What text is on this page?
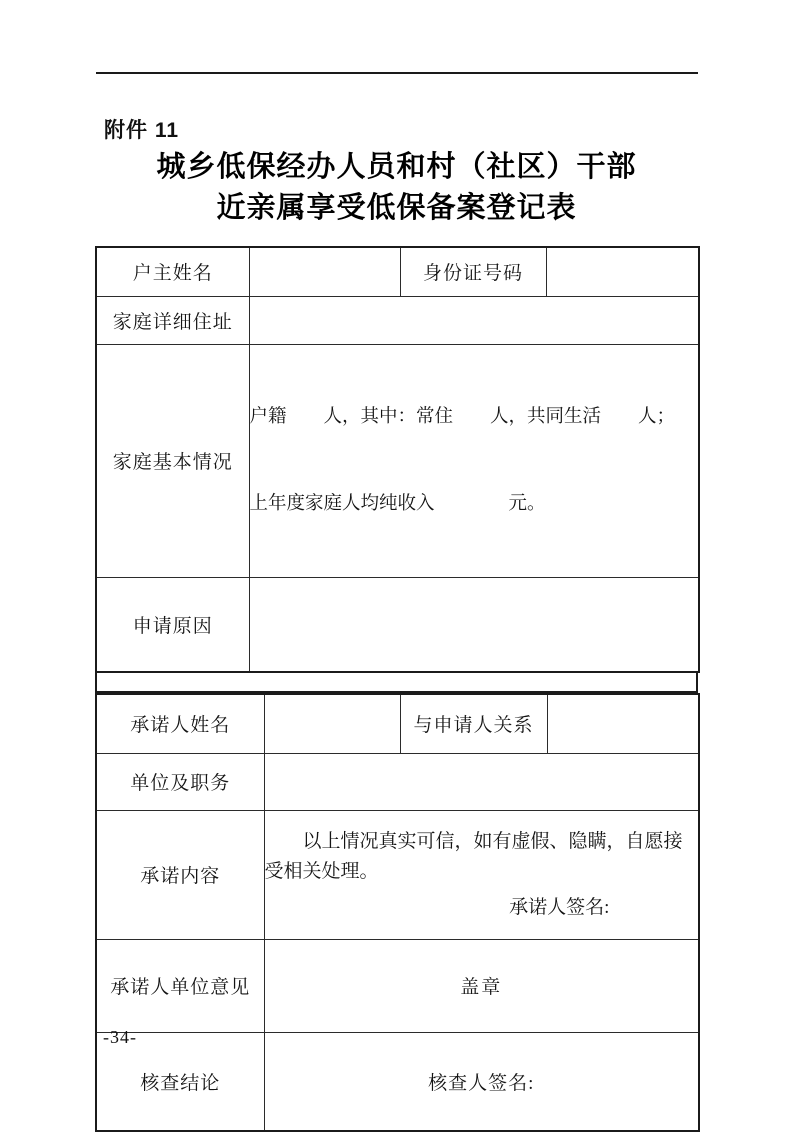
附件 11
城乡低保经办人员和村（社区）干部
近亲属享受低保备案登记表
户主姓名		身份证号码	
家庭详细住址			
家庭基本情况	户籍　　人，其中：常住　　人，共同生活　　人；

上年度家庭人均纯收入　　　　元。		

申请原因			
承诺人姓名		与申请人关系	
单位及职务			
承诺内容	以上情况真实可信，如有虚假、隐瞒，自愿接受相关处理。
承诺人签名:		

承诺人单位意见	盖章		
核查结论	核查人签名:		
-34-
